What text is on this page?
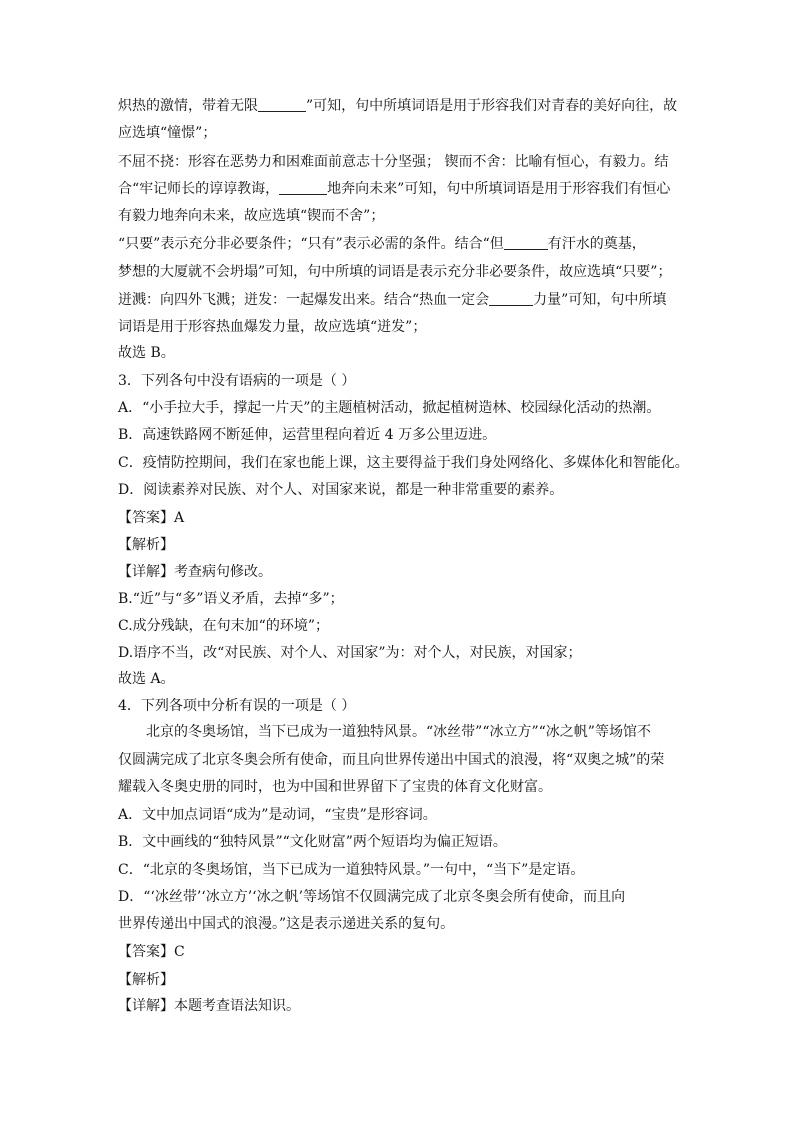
炽热的激情，带着无限	”可知，句中所填词语是用于形容我们对青春的美好向往，故
应选填“憧憬”；
不屈不挠：形容在恶势力和困难面前意志十分坚强； 锲而不舍：比喻有恒心，有毅力。结
合“牢记师长的谆谆教诲，	地奔向未来”可知，句中所填词语是用于形容我们有恒心
有毅力地奔向未来，故应选填“锲而不舍”；
“只要”表示充分非必要条件；“只有”表示必需的条件。结合“但	有汗水的奠基，
梦想的大厦就不会坍塌”可知，句中所填的词语是表示充分非必要条件，故应选填“只要”；
迸溅：向四外飞溅；迸发：一起爆发出来。结合“热血一定会	力量”可知，句中所填
词语是用于形容热血爆发力量，故应选填“迸发”；
故选 B。
3．下列各句中没有语病的一项是（ ）
A．“小手拉大手，撑起一片天”的主题植树活动，掀起植树造林、校园绿化活动的热潮。
B．高速铁路网不断延伸，运营里程向着近 4 万多公里迈进。
C．疫情防控期间，我们在家也能上课，这主要得益于我们身处网络化、多媒体化和智能化。
D．阅读素养对民族、对个人、对国家来说，都是一种非常重要的素养。
【答案】A
【解析】
【详解】考查病句修改。
B.“近”与“多”语义矛盾，去掉“多”；
C.成分残缺，在句末加“的环境”；
D.语序不当，改“对民族、对个人、对国家”为：对个人，对民族，对国家；
故选 A。
4．下列各项中分析有误的一项是（ ）
北京的冬奥场馆，当下已成为一道独特风景。“冰丝带”“冰立方”“冰之帆”等场馆不
仅圆满完成了北京冬奥会所有使命，而且向世界传递出中国式的浪漫，将“双奥之城”的荣
耀载入冬奥史册的同时，也为中国和世界留下了宝贵的体育文化财富。
A．文中加点词语“成为”是动词，“宝贵”是形容词。
B．文中画线的“独特风景”“文化财富”两个短语均为偏正短语。
C．“北京的冬奥场馆，当下已成为一道独特风景。”一句中，“当下”是定语。
D．“‘冰丝带’‘冰立方’‘冰之帆’等场馆不仅圆满完成了北京冬奥会所有使命，而且向
世界传递出中国式的浪漫。”这是表示递进关系的复句。
【答案】C
【解析】
【详解】本题考查语法知识。
